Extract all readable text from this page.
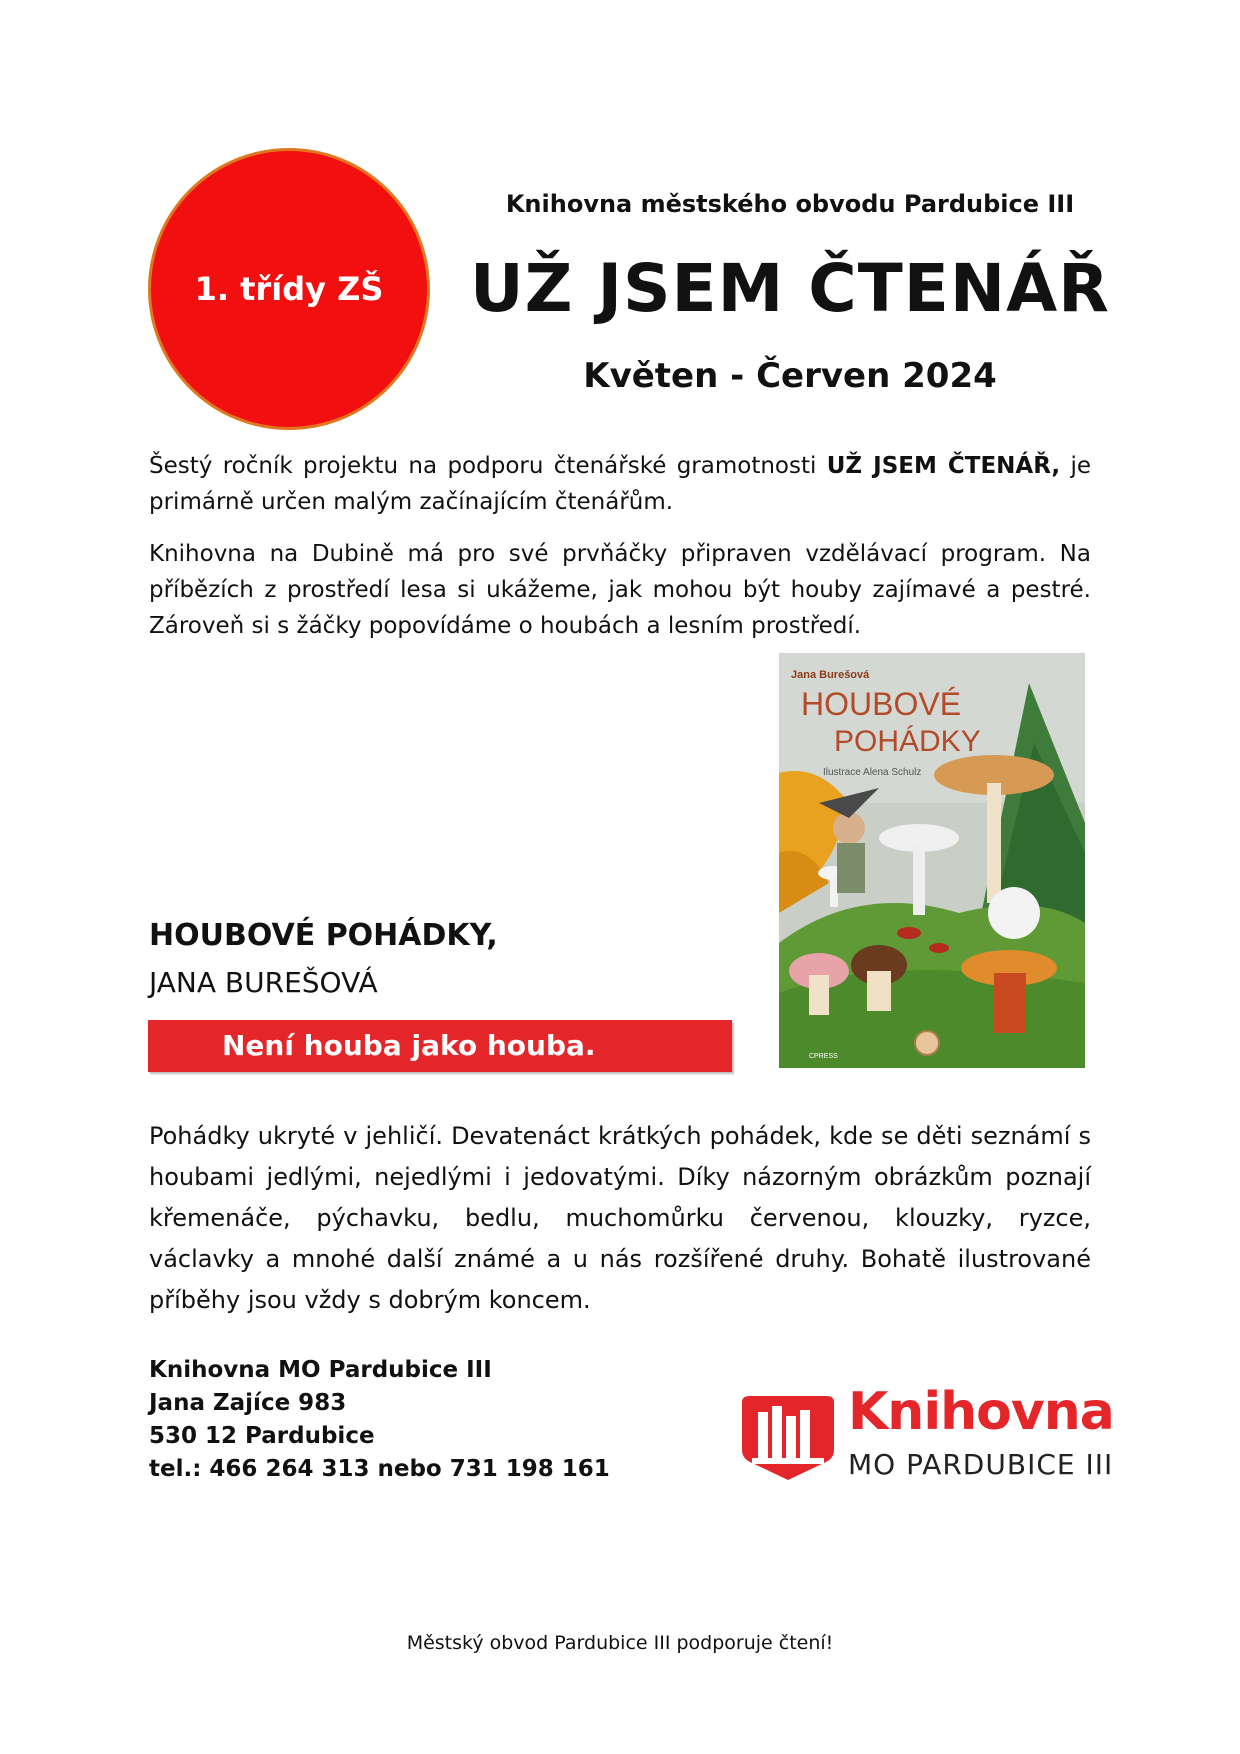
1. třídy ZŠ
Knihovna městského obvodu Pardubice III
UŽ JSEM ČTENÁŘ
Květen - Červen 2024
Šestý ročník projektu na podporu čtenářské gramotnosti UŽ JSEM ČTENÁŘ, je primárně určen malým začínajícím čtenářům.
Knihovna na Dubině má pro své prvňáčky připraven vzdělávací program. Na příbězích z prostředí lesa si ukážeme, jak mohou být houby zajímavé a pestré. Zároveň si s žáčky popovídáme o houbách a lesním prostředí.
HOUBOVÉ POHÁDKY,
JANA BUREŠOVÁ
Není houba jako houba.
Jana Burešová
HOUBOVÉ
POHÁDKY
Ilustrace Alena Schulz
CPRESS
Pohádky ukryté v jehličí. Devatenáct krátkých pohádek, kde se děti seznámí s houbami jedlými, nejedlými i jedovatými. Díky názorným obrázkům poznají křemenáče, pýchavku, bedlu, muchomůrku červenou, klouzky, ryzce, václavky a mnohé další známé a u nás rozšířené druhy. Bohatě ilustrované příběhy jsou vždy s dobrým koncem.
Knihovna MO Pardubice III
Jana Zajíce 983
530 12 Pardubice
tel.: 466 264 313 nebo 731 198 161
Knihovna
MO PARDUBICE III
Městský obvod Pardubice III podporuje čtení!
